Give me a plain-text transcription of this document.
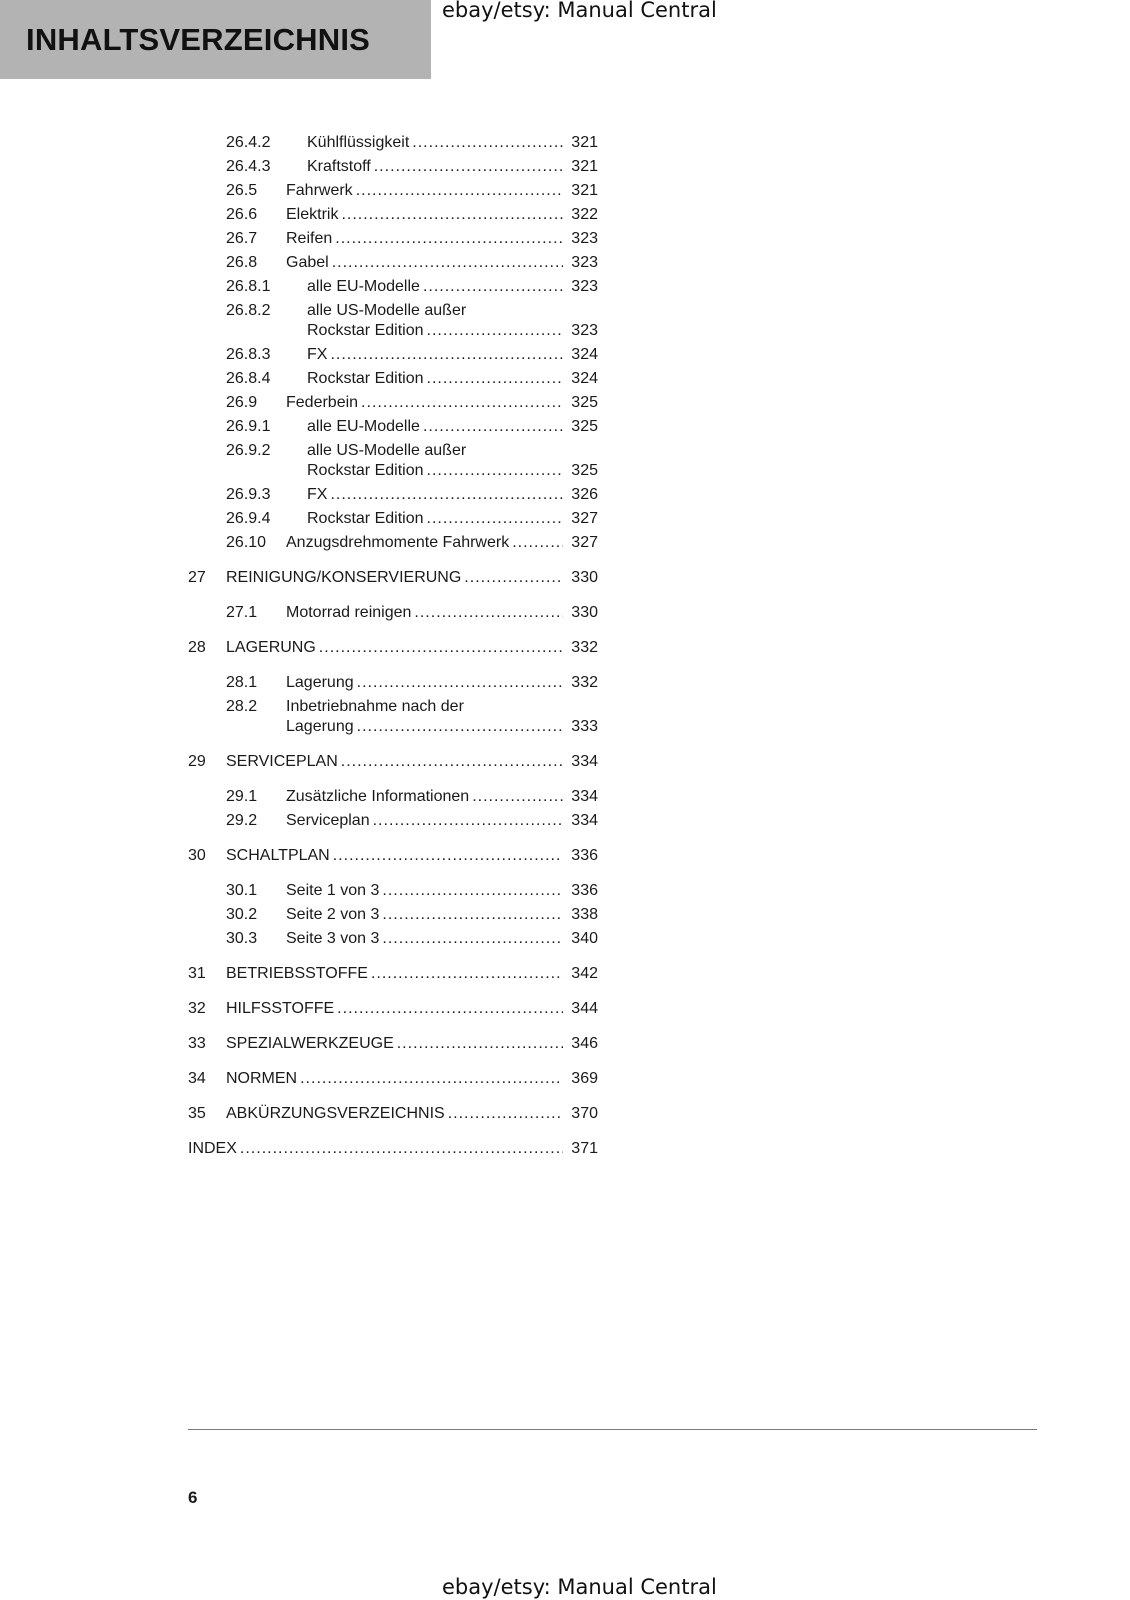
INHALTSVERZEICHNIS
ebay/etsy: Manual Central
26.4.2 Kühlflüssigkeit .....	321
26.4.3 Kraftstoff .....	321
26.5 Fahrwerk .....	321
26.6 Elektrik .....	322
26.7 Reifen .....	323
26.8 Gabel .....	323
26.8.1 alle EU-Modelle .....	323
26.8.2 alle US-Modelle außer
Rockstar Edition .....	323
26.8.3 FX .....	324
26.8.4 Rockstar Edition .....	324
26.9 Federbein .....	325
26.9.1 alle EU-Modelle .....	325
26.9.2 alle US-Modelle außer
Rockstar Edition .....	325
26.9.3 FX .....	326
26.9.4 Rockstar Edition .....	327
26.10 Anzugsdrehmomente Fahrwerk .....	327
27 REINIGUNG/KONSERVIERUNG .....	330
27.1 Motorrad reinigen .....	330
28 LAGERUNG .....	332
28.1 Lagerung .....	332
28.2 Inbetriebnahme nach der
Lagerung .....	333
29 SERVICEPLAN .....	334
29.1 Zusätzliche Informationen .....	334
29.2 Serviceplan .....	334
30 SCHALTPLAN .....	336
30.1 Seite 1 von 3 .....	336
30.2 Seite 2 von 3 .....	338
30.3 Seite 3 von 3 .....	340
31 BETRIEBSSTOFFE .....	342
32 HILFSSTOFFE .....	344
33 SPEZIALWERKZEUGE .....	346
34 NORMEN .....	369
35 ABKÜRZUNGSVERZEICHNIS .....	370
INDEX .....	371
6
ebay/etsy: Manual Central
